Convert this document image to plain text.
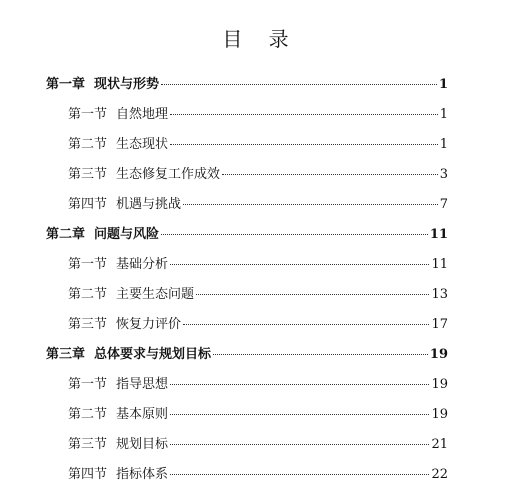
目 录
第一章 现状与形势	1
第一节 自然地理	1
第二节 生态现状	1
第三节 生态修复工作成效	3
第四节 机遇与挑战	7
第二章 问题与风险	11
第一节 基础分析	11
第二节 主要生态问题	13
第三节 恢复力评价	17
第三章 总体要求与规划目标	19
第一节 指导思想	19
第二节 基本原则	19
第三节 规划目标	21
第四节 指标体系	22
